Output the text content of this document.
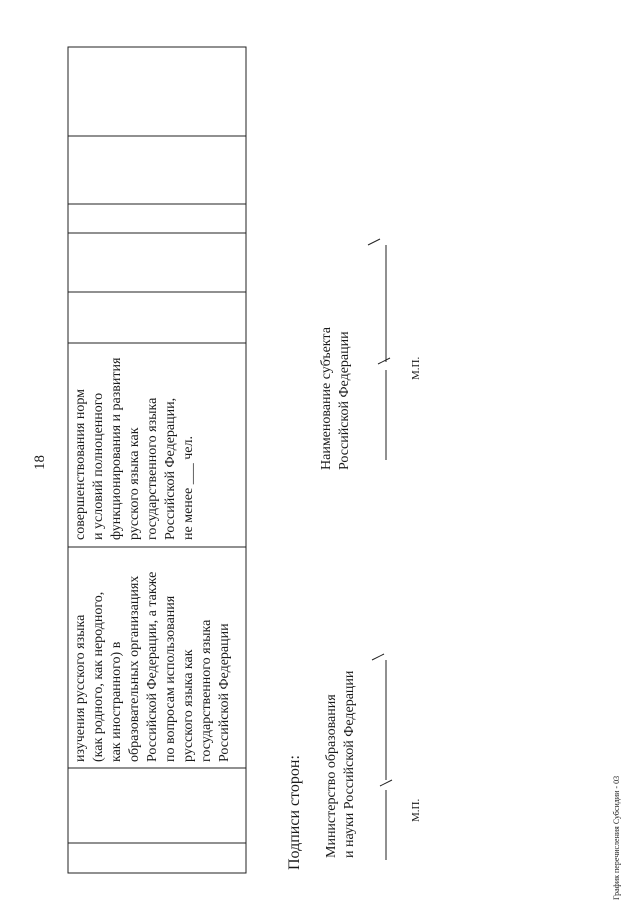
18
изучения русского языка (как родного, как неродного, как иностранного) в образовательных организациях Российской Федерации, а также по вопросам использования русского языка как государственного языка Российской Федерации
совершенствования норм и условий полноценного функционирования и развития русского языка как государственного языка Российской Федерации, не менее ___ чел.
Подписи сторон: Министерство образования и науки Российской Федерации
Наименование субъекта Российской Федерации
М.П.
М.П.
График перечисления Субсидии - 03
